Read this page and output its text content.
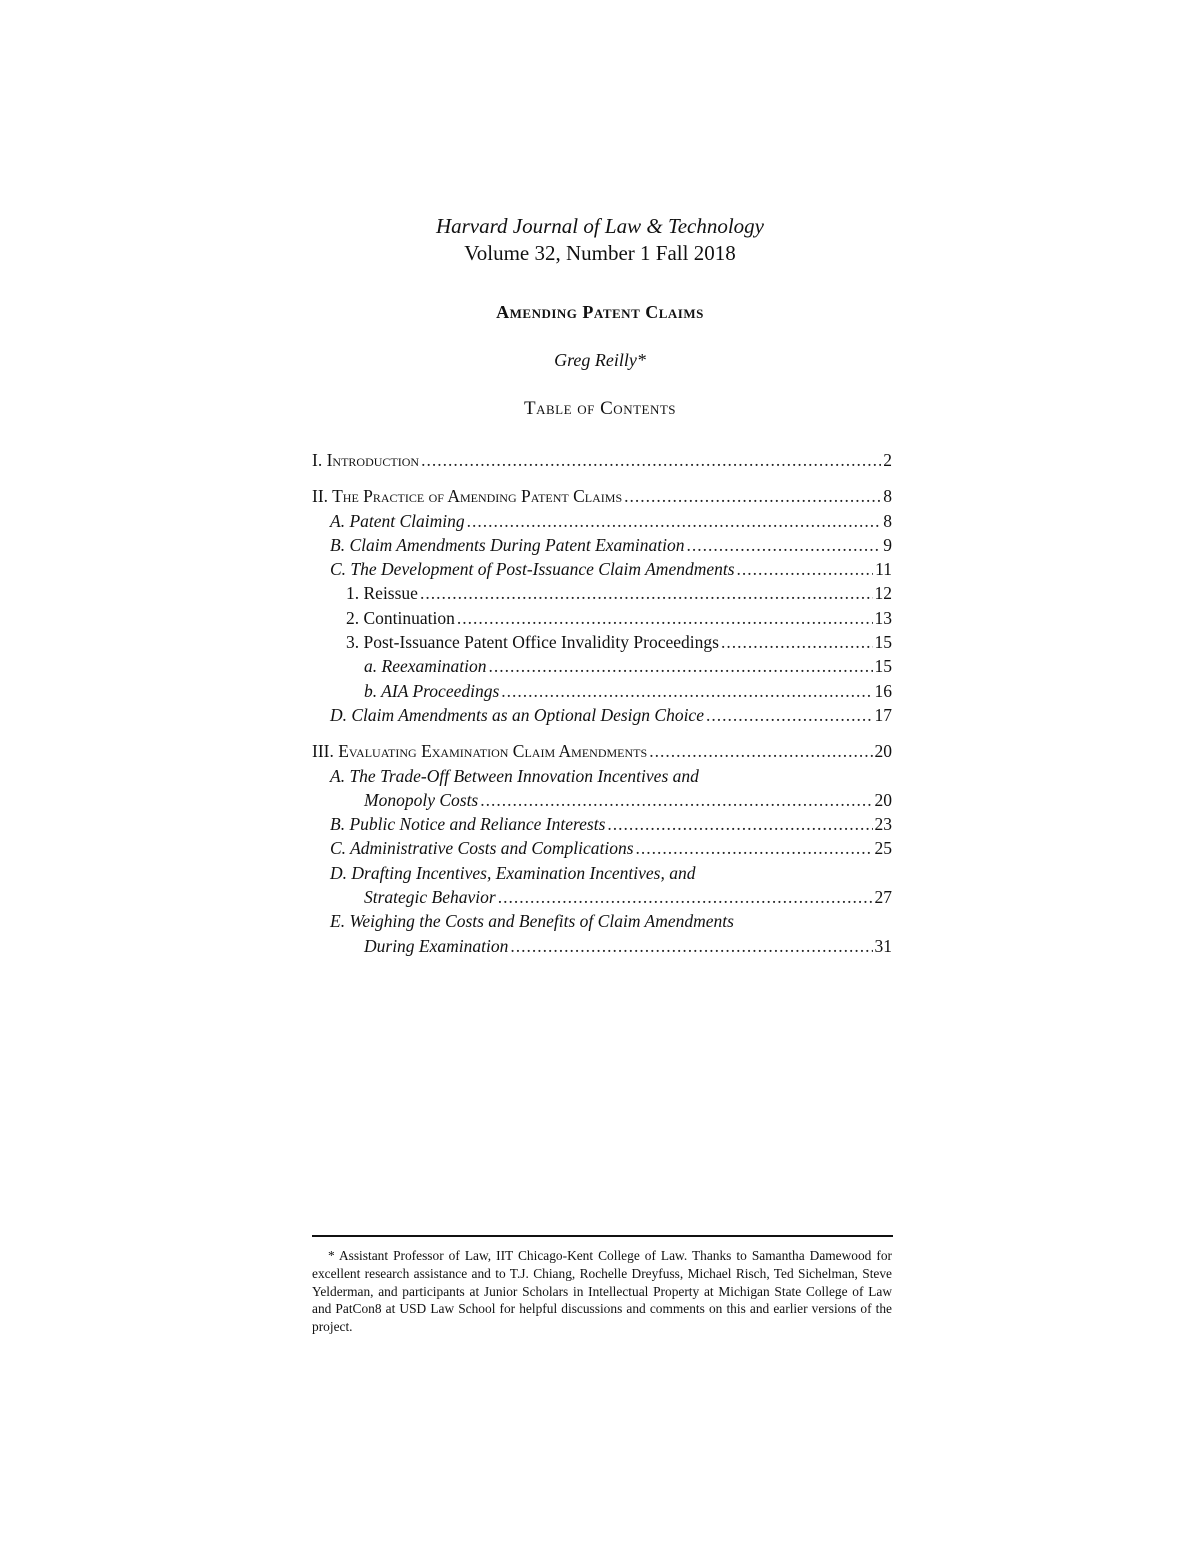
Harvard Journal of Law & Technology
Volume 32, Number 1 Fall 2018
Amending Patent Claims
Greg Reilly*
Table of Contents
I. Introduction .....	2
II. The Practice of Amending Patent Claims .....	8
A. Patent Claiming .....	8
B. Claim Amendments During Patent Examination .....	9
C. The Development of Post-Issuance Claim Amendments .....	11
1. Reissue .....	12
2. Continuation .....	13
3. Post-Issuance Patent Office Invalidity Proceedings .....	15
a. Reexamination .....	15
b. AIA Proceedings .....	16
D. Claim Amendments as an Optional Design Choice .....	17
III. Evaluating Examination Claim Amendments .....	20
A. The Trade-Off Between Innovation Incentives and
Monopoly Costs .....	20
B. Public Notice and Reliance Interests .....	23
C. Administrative Costs and Complications .....	25
D. Drafting Incentives, Examination Incentives, and
Strategic Behavior .....	27
E. Weighing the Costs and Benefits of Claim Amendments
During Examination .....	31
* Assistant Professor of Law, IIT Chicago-Kent College of Law. Thanks to Samantha Damewood for excellent research assistance and to T.J. Chiang, Rochelle Dreyfuss, Michael Risch, Ted Sichelman, Steve Yelderman, and participants at Junior Scholars in Intellectual Property at Michigan State College of Law and PatCon8 at USD Law School for helpful discussions and comments on this and earlier versions of the project.
